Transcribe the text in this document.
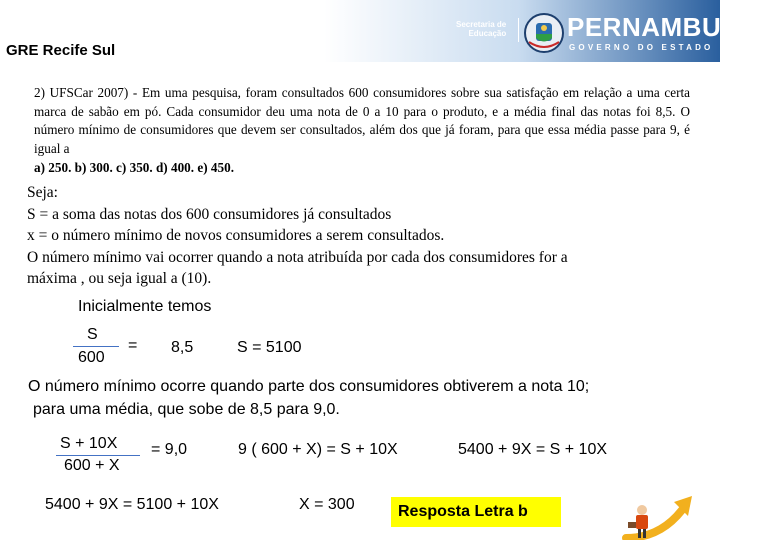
Secretaria de
Educação PERNAMBUCO
GOVERNO DO ESTADO
GRE Recife Sul
2) UFSCar 2007) - Em uma pesquisa, foram consultados 600 consumidores sobre sua satisfação em relação a uma certa marca de sabão em pó. Cada consumidor deu uma nota de 0 a 10 para o produto, e a média final das notas foi 8,5. O número mínimo de consumidores que devem ser consultados, além dos que já foram, para que essa média passe para 9, é igual a
a) 250. b) 300. c) 350. d) 400. e) 450.
Seja:
S = a soma das notas dos 600 consumidores já consultados
x = o número mínimo de novos consumidores a serem consultados.
O número mínimo vai ocorrer quando a nota atribuída por cada dos consumidores for a
máxima , ou seja igual a (10).
Inicialmente temos
S
600
= 8,5	S = 5100
O número mínimo ocorre quando parte dos consumidores obtiverem a nota 10;
para uma média, que sobe de 8,5 para 9,0.
S + 10X
600 + X
= 9,0	9 ( 600 + X) = S + 10X	5400 + 9X = S + 10X
5400 + 9X = 5100 + 10X	X = 300	Resposta Letra b
